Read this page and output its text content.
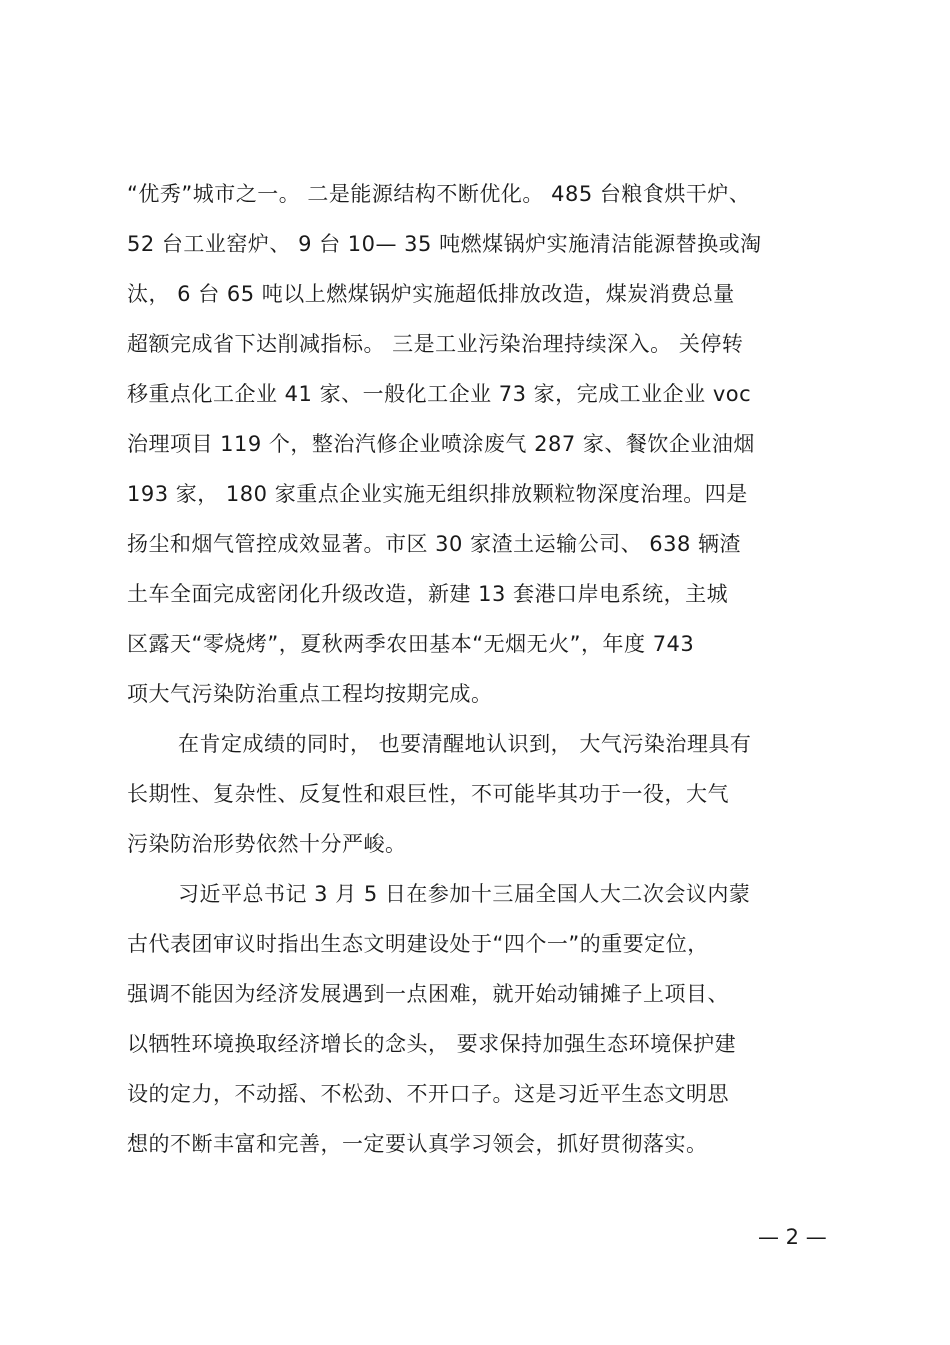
“优秀”城市之一。 二是能源结构不断优化。 485 台粮食烘干炉、
52 台工业窑炉、 9 台 10— 35 吨燃煤锅炉实施清洁能源替换或淘
汰， 6 台 65 吨以上燃煤锅炉实施超低排放改造，煤炭消费总量
超额完成省下达削减指标。 三是工业污染治理持续深入。 关停转
移重点化工企业 41 家、一般化工企业 73 家，完成工业企业 voc
治理项目 119 个，整治汽修企业喷涂废气 287 家、餐饮企业油烟
193 家， 180 家重点企业实施无组织排放颗粒物深度治理。四是
扬尘和烟气管控成效显著。市区 30 家渣土运输公司、 638 辆渣
土车全面完成密闭化升级改造，新建 13 套港口岸电系统，主城
区露天“零烧烤”，夏秋两季农田基本“无烟无火”，年度 743
项大气污染防治重点工程均按期完成。
在肯定成绩的同时， 也要清醒地认识到， 大气污染治理具有
长期性、复杂性、反复性和艰巨性，不可能毕其功于一役，大气
污染防治形势依然十分严峻。
习近平总书记 3 月 5 日在参加十三届全国人大二次会议内蒙
古代表团审议时指出生态文明建设处于“四个一”的重要定位，
强调不能因为经济发展遇到一点困难，就开始动铺摊子上项目、
以牺牲环境换取经济增长的念头， 要求保持加强生态环境保护建
设的定力，不动摇、不松劲、不开口子。这是习近平生态文明思
想的不断丰富和完善，一定要认真学习领会，抓好贯彻落实。
— 2 —
